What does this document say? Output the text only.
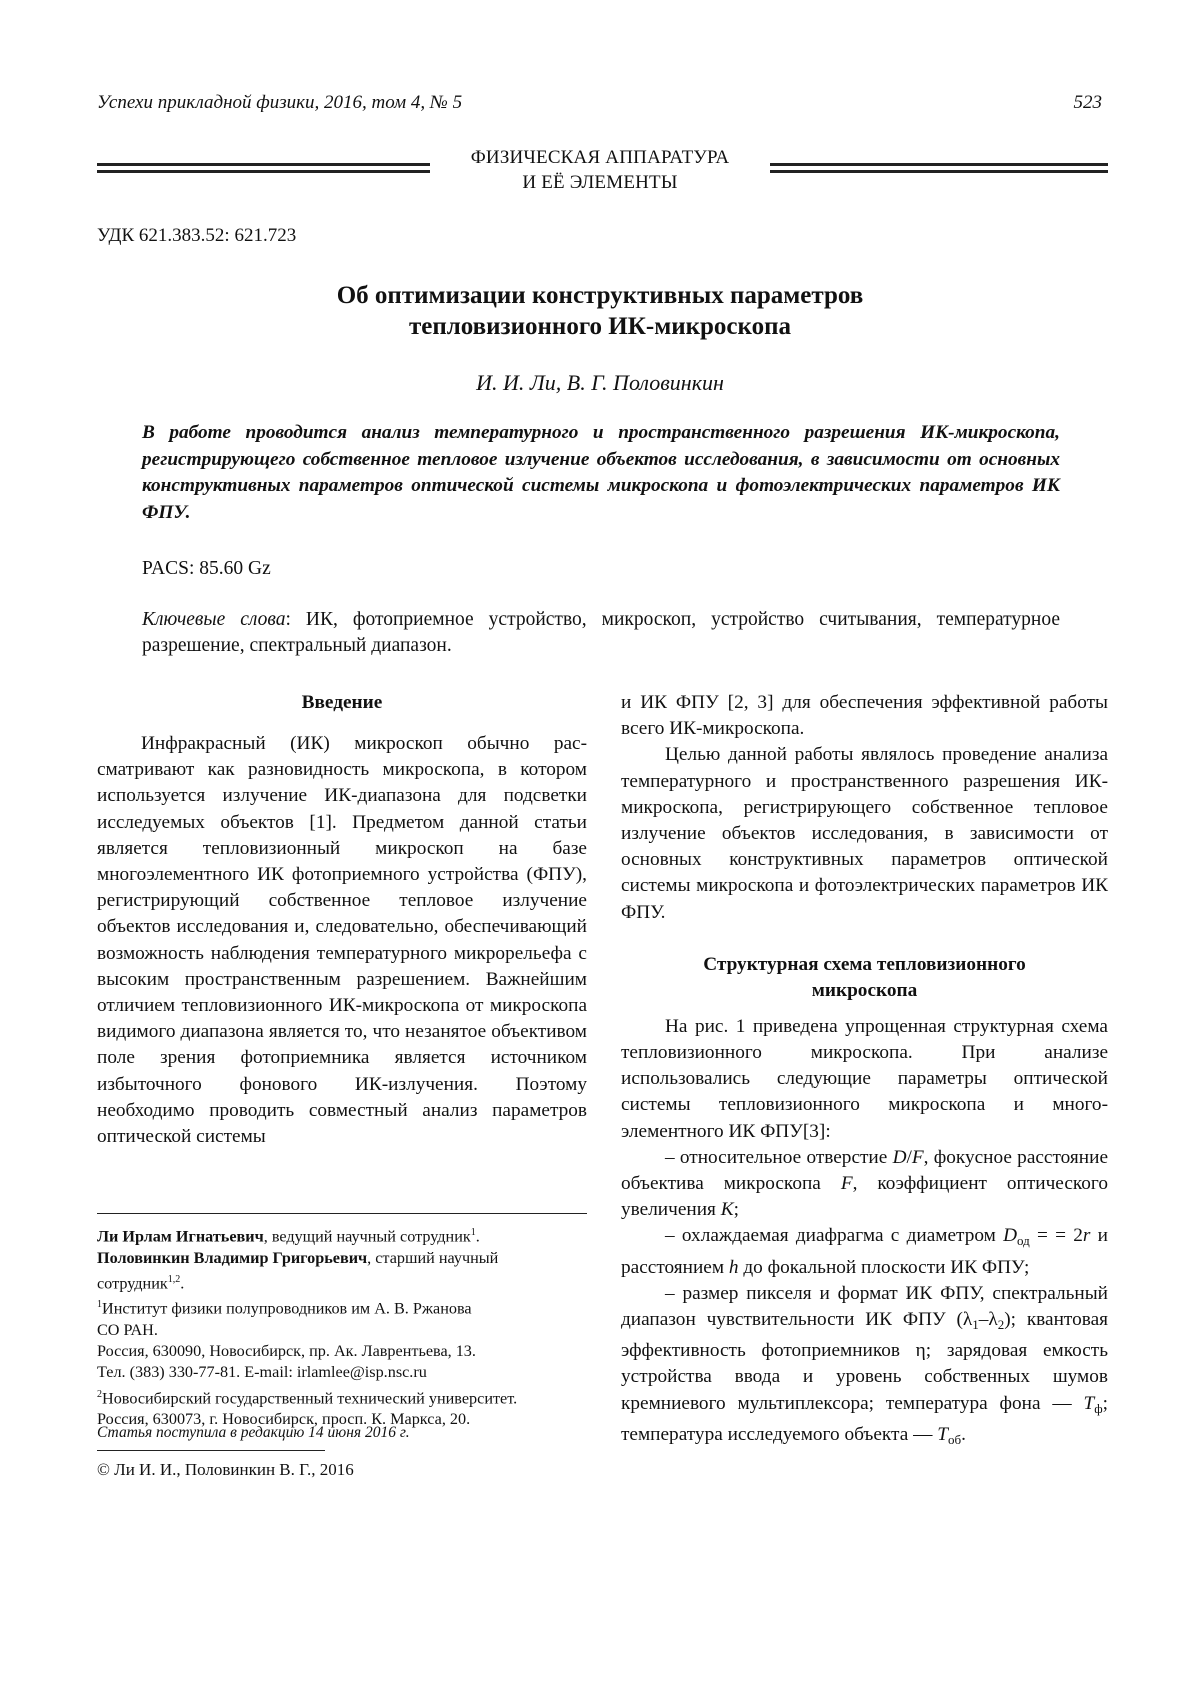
Успехи прикладной физики, 2016, том 4, № 5	523
ФИЗИЧЕСКАЯ АППАРАТУРА
И ЕЁ ЭЛЕМЕНТЫ
УДК 621.383.52: 621.723
Об оптимизации конструктивных параметров
тепловизионного ИК-микроскопа
И. И. Ли, В. Г. Половинкин
В работе проводится анализ температурного и пространственного разрешения ИК-микроскопа, регистрирующего собственное тепловое излучение объектов исследования, в зависимости от основных конструктивных параметров оптической системы микроскопа и фотоэлектрических параметров ИК ФПУ.
PACS: 85.60 Gz
Ключевые слова: ИК, фотоприемное устройство, микроскоп, устройство считывания, температурное разрешение, спектральный диапазон.
Введение

Инфракрасный (ИК) микроскоп обычно рассматривают как разновидность микроскопа, в котором используется излучение ИК-диапазона для подсветки исследуемых объектов [1]. Предметом данной статьи является тепловизионный микроскоп на базе многоэлементного ИК фотоприемного устройства (ФПУ), регистрирующий собственное тепловое излучение объектов исследования и, следовательно, обеспечивающий возможность наблюдения температурного микрорельефа с высоким пространственным разрешением. Важнейшим отличием тепловизионного ИК-микроскопа от микроскопа видимого диапазона является то, что незанятое объективом поле зрения фотоприемника является источником избыточного фонового ИК-излучения. Поэтому необходимо проводить совместный анализ параметров оптической системы

и ИК ФПУ [2, 3] для обеспечения эффективной работы всего ИК-микроскопа.

Целью данной работы являлось проведение анализа температурного и пространственного разрешения ИК-микроскопа, регистрирующего собственное тепловое излучение объектов исследования, в зависимости от основных конструктивных параметров оптической системы микроскопа и фотоэлектрических параметров ИК ФПУ.

Структурная схема тепловизионного
микроскопа

На рис. 1 приведена упрощенная структурная схема тепловизионного микроскопа. При анализе использовались следующие параметры оптической системы тепловизионного микроскопа и многоэлементного ИК ФПУ[3]:

– относительное отверстие D/F, фокусное расстояние объектива микроскопа F, коэффициент оптического увеличения K;

– охлаждаемая диафрагма с диаметром $D_{од}$ = = 2r и расстоянием h до фокальной плоскости ИК ФПУ;

– размер пикселя и формат ИК ФПУ, спектральный диапазон чувствительности ИК ФПУ $(\lambda_1-\lambda_2)$; квантовая эффективность фотоприемников η; зарядовая емкость устройства ввода и уровень собственных шумов кремниевого мультиплексора; температура фона — $T_ф$; температура исследуемого объекта — $T_{об}$.

Ли Ирлам Игнатьевич, ведущий научный сотрудник$^1$.
Половинкин Владимир Григорьевич, старший научный
сотрудник$^{1,2}$.
$^1$Институт физики полупроводников им А. В. Ржанова
СО РАН.
Россия, 630090, Новосибирск, пр. Ак. Лаврентьева, 13.
Тел. (383) 330-77-81. E-mail: irlamlee@isp.nsc.ru
$^2$Новосибирский государственный технический университет.
Россия, 630073, г. Новосибирск, просп. К. Маркса, 20.
Статья поступила в редакцию 14 июня 2016 г.
© Ли И. И., Половинкин В. Г., 2016
